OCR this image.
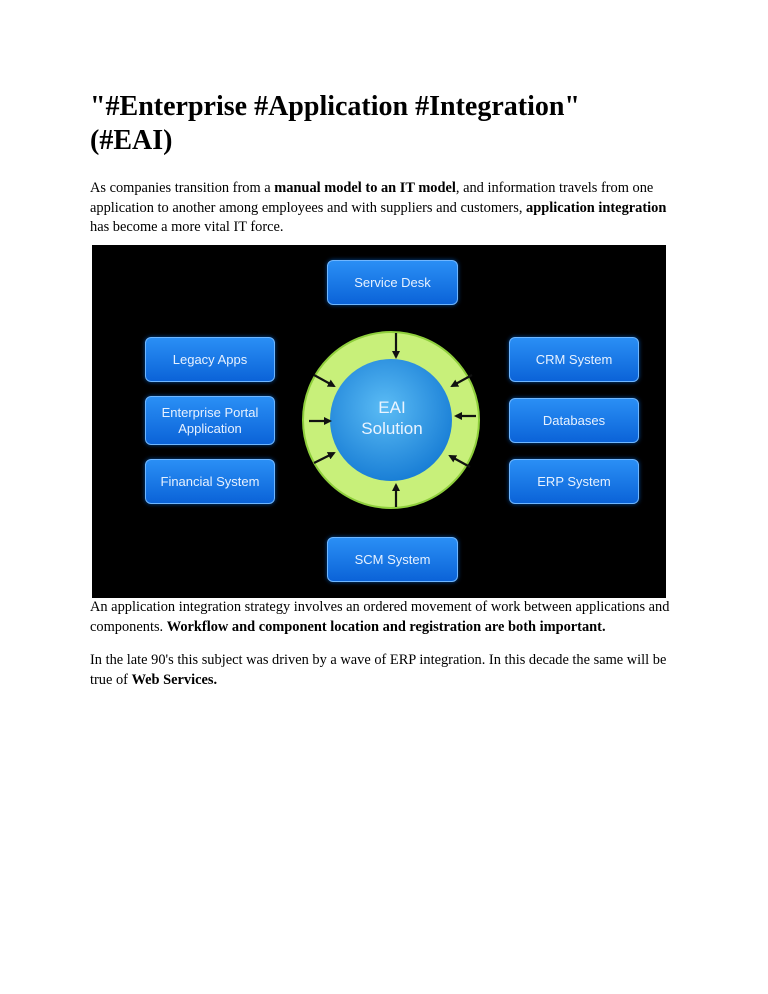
"#Enterprise #Application #Integration"
(#EAI)

As companies transition from a manual model to an IT model, and information travels from one application to another among employees and with suppliers and customers, application integration has become a more vital IT force.

EAI
Solution
Service Desk
SCM System
Legacy Apps
Enterprise Portal Application
Financial System
CRM System
Databases
ERP System

An application integration strategy involves an ordered movement of work between applications and components. Workflow and component location and registration are both important.

In the late 90's this subject was driven by a wave of ERP integration. In this decade the same will be true of Web Services.
